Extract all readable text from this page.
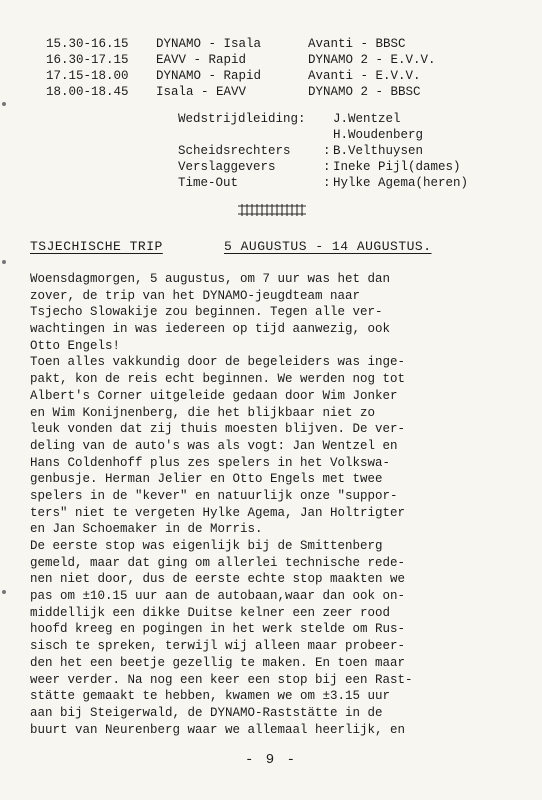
15.30-16.15 DYNAMO - Isala	Avanti - BBSC
16.30-17.15 EAVV - Rapid	DYNAMO 2 - E.V.V.
17.15-18.00 DYNAMO - Rapid	Avanti - E.V.V.
18.00-18.45 Isala - EAVV	DYNAMO 2 - BBSC
Wedstrijdleiding: J.Wentzel
H.Woudenberg
Scheidsrechters	: B.Velthuysen
Verslaggevers	: Ineke Pijl(dames)
Time-Out	: Hylke Agema(heren)
TSJECHISCHE TRIP	5 AUGUSTUS - 14 AUGUSTUS.
Woensdagmorgen, 5 augustus, om 7 uur was het dan
zover, de trip van het DYNAMO-jeugdteam naar
Tsjecho Slowakije zou beginnen. Tegen alle ver-
wachtingen in was iedereen op tijd aanwezig, ook
Otto Engels!
Toen alles vakkundig door de begeleiders was inge-
pakt, kon de reis echt beginnen. We werden nog tot
Albert's Corner uitgeleide gedaan door Wim Jonker
en Wim Konijnenberg, die het blijkbaar niet zo
leuk vonden dat zij thuis moesten blijven. De ver-
deling van de auto's was als vogt: Jan Wentzel en
Hans Coldenhoff plus zes spelers in het Volkswa-
genbusje. Herman Jelier en Otto Engels met twee
spelers in de "kever" en natuurlijk onze "suppor-
ters" niet te vergeten Hylke Agema, Jan Holtrigter
en Jan Schoemaker in de Morris.
De eerste stop was eigenlijk bij de Smittenberg
gemeld, maar dat ging om allerlei technische rede-
nen niet door, dus de eerste echte stop maakten we
pas om ±10.15 uur aan de autobaan,waar dan ook on-
middellijk een dikke Duitse kelner een zeer rood
hoofd kreeg en pogingen in het werk stelde om Rus-
sisch te spreken, terwijl wij alleen maar probeer-
den het een beetje gezellig te maken. En toen maar
weer verder. Na nog een keer een stop bij een Rast-
stätte gemaakt te hebben, kwamen we om ±3.15 uur
aan bij Steigerwald, de DYNAMO-Raststätte in de
buurt van Neurenberg waar we allemaal heerlijk, en
- 9 -
